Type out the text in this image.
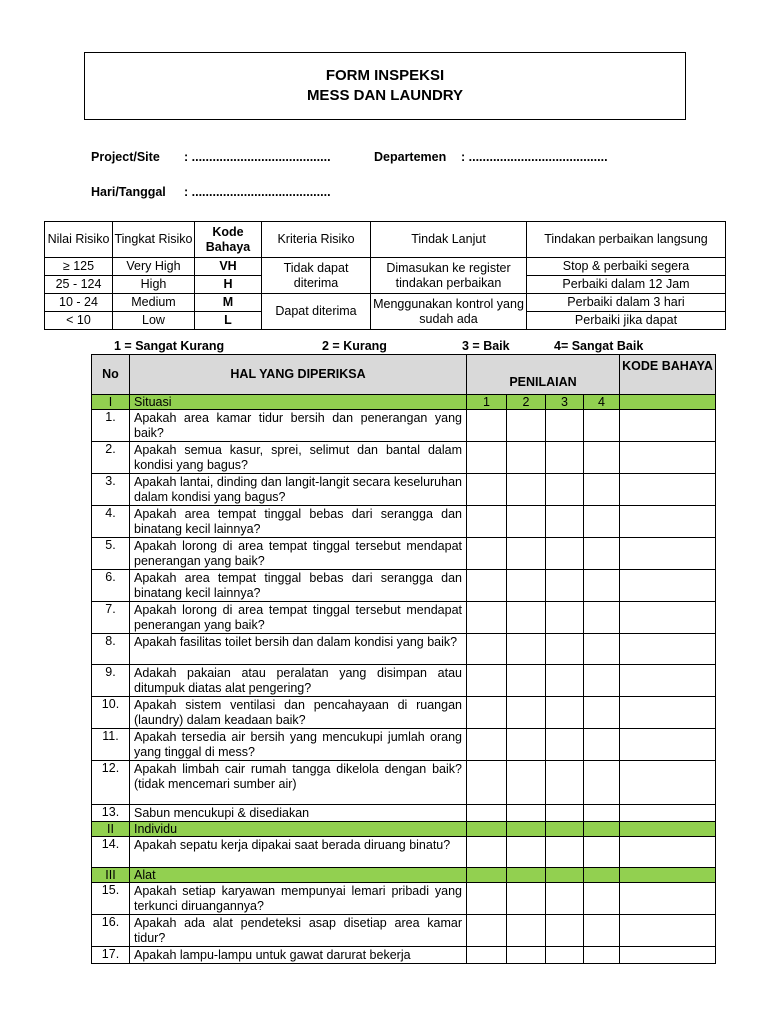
FORM INSPEKSI
MESS DAN LAUNDRY
Project/Site : ........................................	Departemen : ........................................
Hari/Tanggal : ........................................
Nilai Risiko	Tingkat Risiko	Kode Bahaya	Kriteria Risiko	Tindak Lanjut	Tindakan perbaikan langsung
≥ 125	Very High	VH	Tidak dapat diterima	Dimasukan ke register tindakan perbaikan	Stop & perbaiki segera
25 - 124	High	H			Perbaiki dalam 12 Jam
10 - 24	Medium	M	Dapat diterima	Menggunakan kontrol yang sudah ada	Perbaiki dalam 3 hari
< 10	Low	L			Perbaiki jika dapat
1 = Sangat Kurang	2 = Kurang	3 = Baik	4= Sangat Baik
No	HAL YANG DIPERIKSA	PENILAIAN				KODE BAHAYA
I	Situasi	1	2	3	4	
1.	Apakah area kamar tidur bersih dan penerangan yang baik?					
2.	Apakah semua kasur, sprei, selimut dan bantal dalam kondisi yang bagus?					
3.	Apakah lantai, dinding dan langit-langit secara keseluruhan dalam kondisi yang bagus?					
4.	Apakah area tempat tinggal bebas dari serangga dan binatang kecil lainnya?					
5.	Apakah lorong di area tempat tinggal tersebut mendapat penerangan yang baik?					
6.	Apakah area tempat tinggal bebas dari serangga dan binatang kecil lainnya?					
7.	Apakah lorong di area tempat tinggal tersebut mendapat penerangan yang baik?					
8.	Apakah fasilitas toilet bersih dan dalam kondisi yang baik?					
9.	Adakah pakaian atau peralatan yang disimpan atau ditumpuk diatas alat pengering?					
10.	Apakah sistem ventilasi dan pencahayaan di ruangan (laundry) dalam keadaan baik?					
11.	Apakah tersedia air bersih yang mencukupi jumlah orang yang tinggal di mess?					
12.	Apakah limbah cair rumah tangga dikelola dengan baik? (tidak mencemari sumber air)					
13.	Sabun mencukupi & disediakan					
II	Individu					
14.	Apakah sepatu kerja dipakai saat berada diruang binatu?					
III	Alat					
15.	Apakah setiap karyawan mempunyai lemari pribadi yang terkunci diruangannya?					
16.	Apakah ada alat pendeteksi asap disetiap area kamar tidur?					
17.	Apakah lampu-lampu untuk gawat darurat bekerja					
